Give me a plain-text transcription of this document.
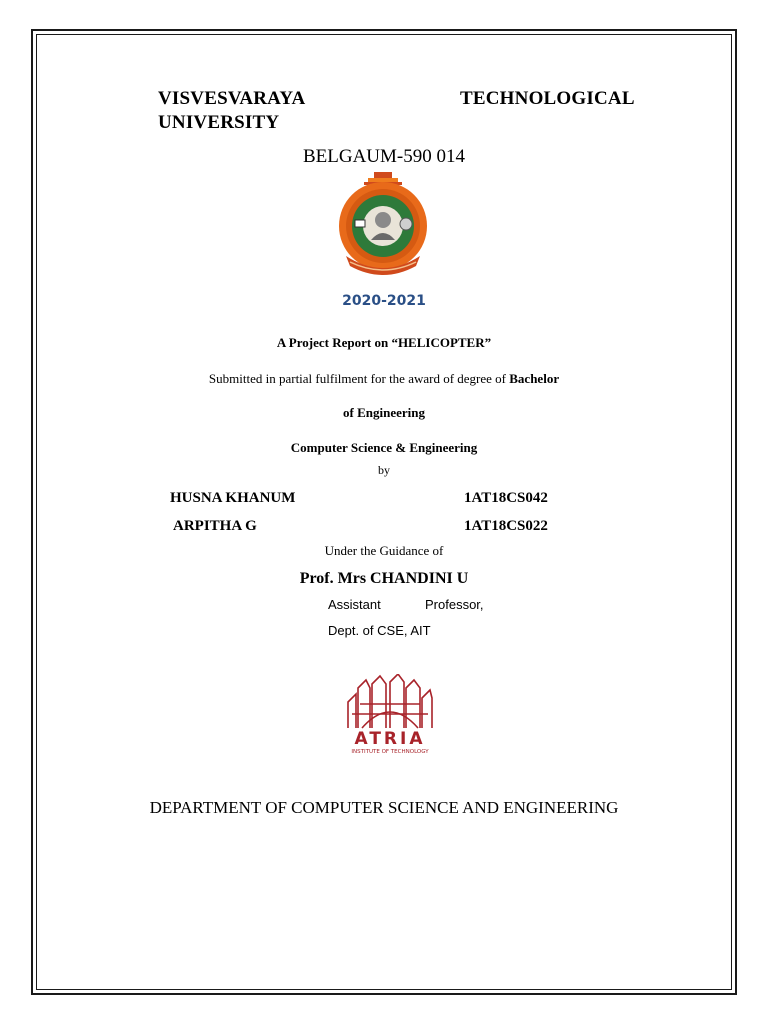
VISVESVARAYA	TECHNOLOGICAL
UNIVERSITY
BELGAUM-590 014
2020-2021
A Project Report on “HELICOPTER”
Submitted in partial fulfilment for the award of degree of Bachelor
of Engineering
Computer Science & Engineering
by
HUSNA KHANUM	1AT18CS042
ARPITHA G	1AT18CS022
Under the Guidance of
Prof. Mrs CHANDINI U
Assistant	Professor,
Dept. of CSE, AIT
ATRIA
INSTITUTE OF TECHNOLOGY
DEPARTMENT OF COMPUTER SCIENCE AND ENGINEERING
